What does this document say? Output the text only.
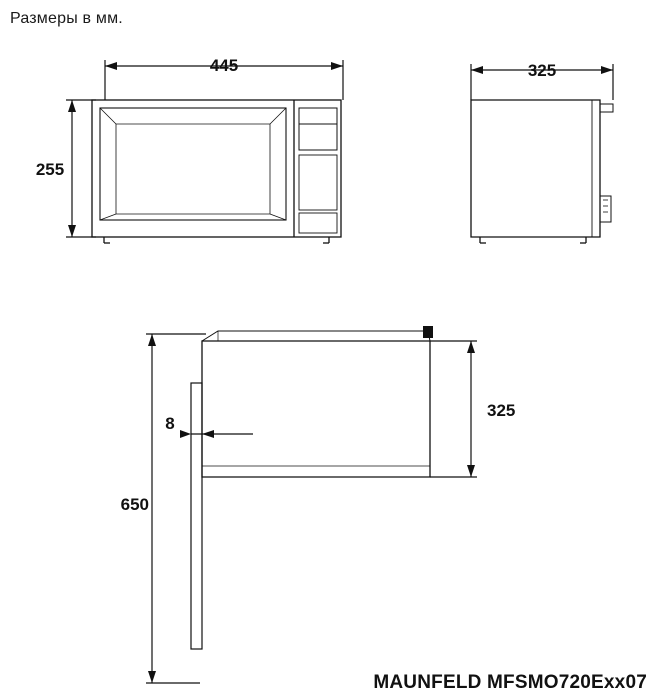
Размеры в мм.
445
255
325
325
8
650
MAUNFELD MFSMO720Exx07
